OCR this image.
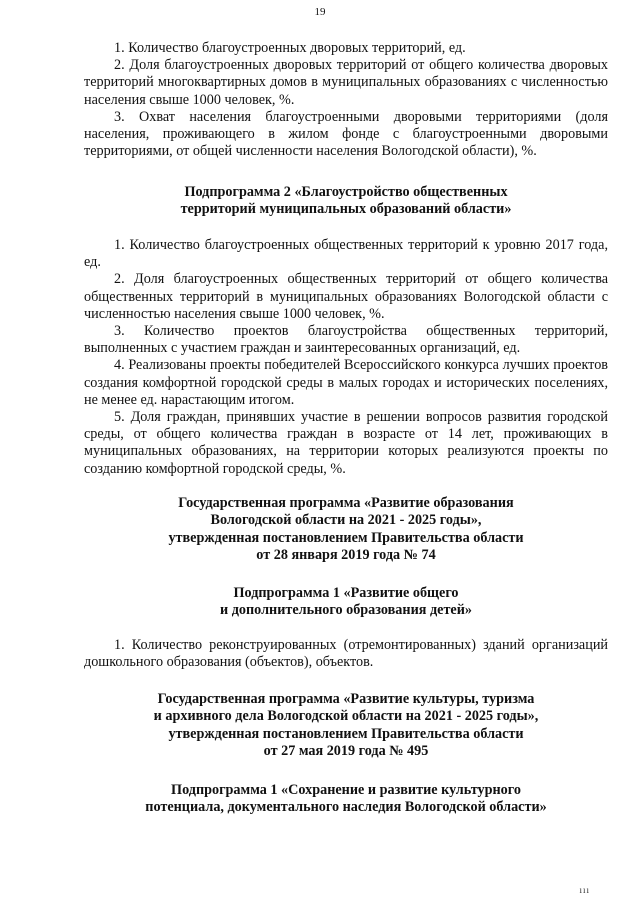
19

1. Количество благоустроенных дворовых территорий, ед.

2. Доля благоустроенных дворовых территорий от общего количества дворовых территорий многоквартирных домов в муниципальных образованиях с численностью населения свыше 1000 человек, %.

3. Охват населения благоустроенными дворовыми территориями (доля населения, проживающего в жилом фонде с благоустроенными дворовыми территориями, от общей численности населения Вологодской области), %.

Подпрограмма 2 «Благоустройство общественных
территорий муниципальных образований области»

1. Количество благоустроенных общественных территорий к уровню 2017 года, ед.

2. Доля благоустроенных общественных территорий от общего количества общественных территорий в муниципальных образованиях Вологодской области с численностью населения свыше 1000 человек, %.

3. Количество проектов благоустройства общественных территорий, выполненных с участием граждан и заинтересованных организаций, ед.

4. Реализованы проекты победителей Всероссийского конкурса лучших проектов создания комфортной городской среды в малых городах и исторических поселениях, не менее ед. нарастающим итогом.

5. Доля граждан, принявших участие в решении вопросов развития городской среды, от общего количества граждан в возрасте от 14 лет, проживающих в муниципальных образованиях, на территории которых реализуются проекты по созданию комфортной городской среды, %.

Государственная программа «Развитие образования
Вологодской области на 2021 - 2025 годы»,
утвержденная постановлением Правительства области
от 28 января 2019 года № 74
Подпрограмма 1 «Развитие общего
и дополнительного образования детей»

1. Количество реконструированных (отремонтированных) зданий организаций дошкольного образования (объектов), объектов.

Государственная программа «Развитие культуры, туризма
и архивного дела Вологодской области на 2021 - 2025 годы»,
утвержденная постановлением Правительства области
от 27 мая 2019 года № 495
Подпрограмма 1 «Сохранение и развитие культурного
потенциала, документального наследия Вологодской области»
ııı
